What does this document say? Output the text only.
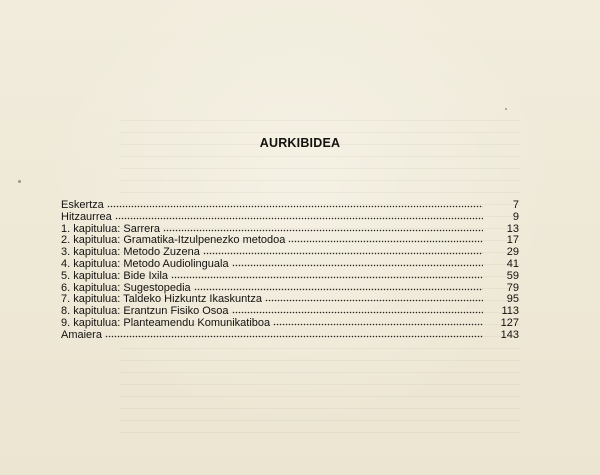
AURKIBIDEA
Eskertza	7
Hitzaurrea	9
1. kapitulua: Sarrera	13
2. kapitulua: Gramatika-Itzulpenezko metodoa	17
3. kapitulua: Metodo Zuzena	29
4. kapitulua: Metodo Audiolinguala	41
5. kapitulua: Bide Ixila	59
6. kapitulua: Sugestopedia	79
7. kapitulua: Taldeko Hizkuntz Ikaskuntza	95
8. kapitulua: Erantzun Fisiko Osoa	113
9. kapitulua: Planteamendu Komunikatiboa	127
Amaiera	143
